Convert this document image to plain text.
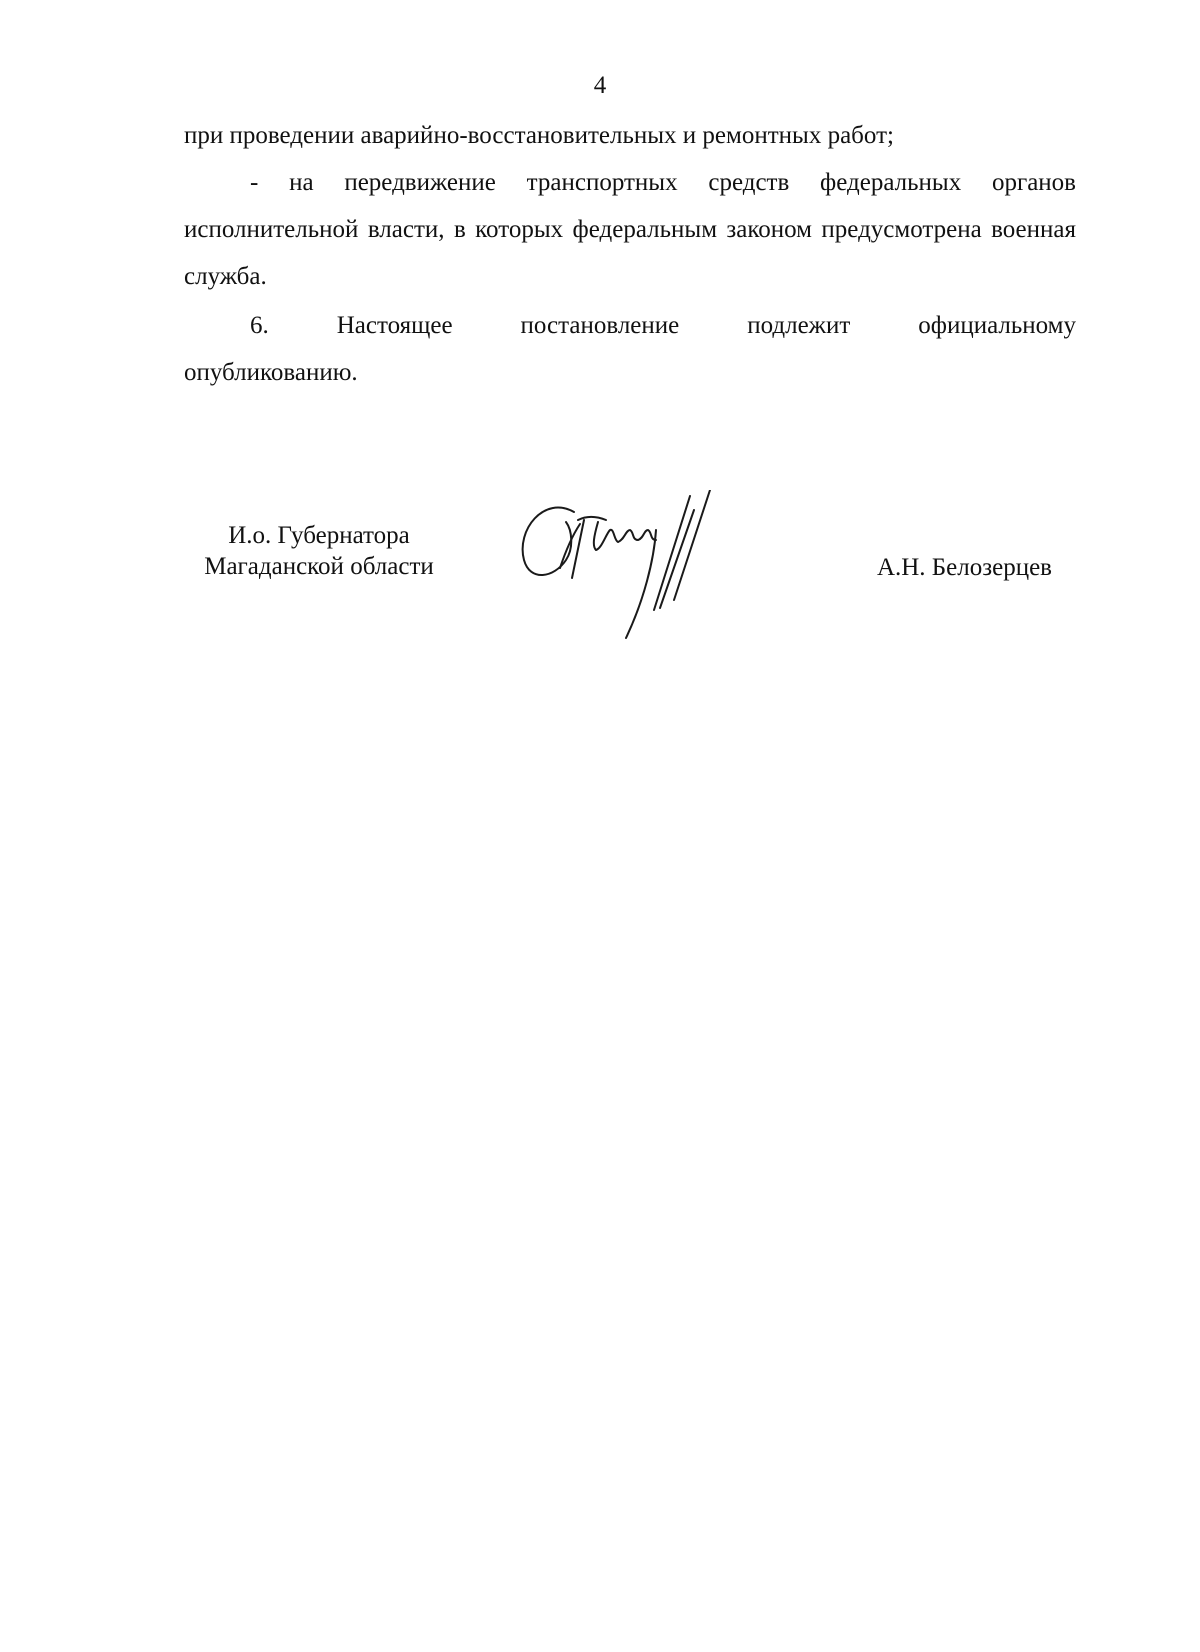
4

при проведении аварийно-восстановительных и ремонтных работ;

- на передвижение транспортных средств федеральных органов исполнительной власти, в которых федеральным законом предусмотрена военная служба.

6. Настоящее постановление подлежит официальному

опубликованию.

И.о. Губернатора
Магаданской области	А.Н. Белозерцев
